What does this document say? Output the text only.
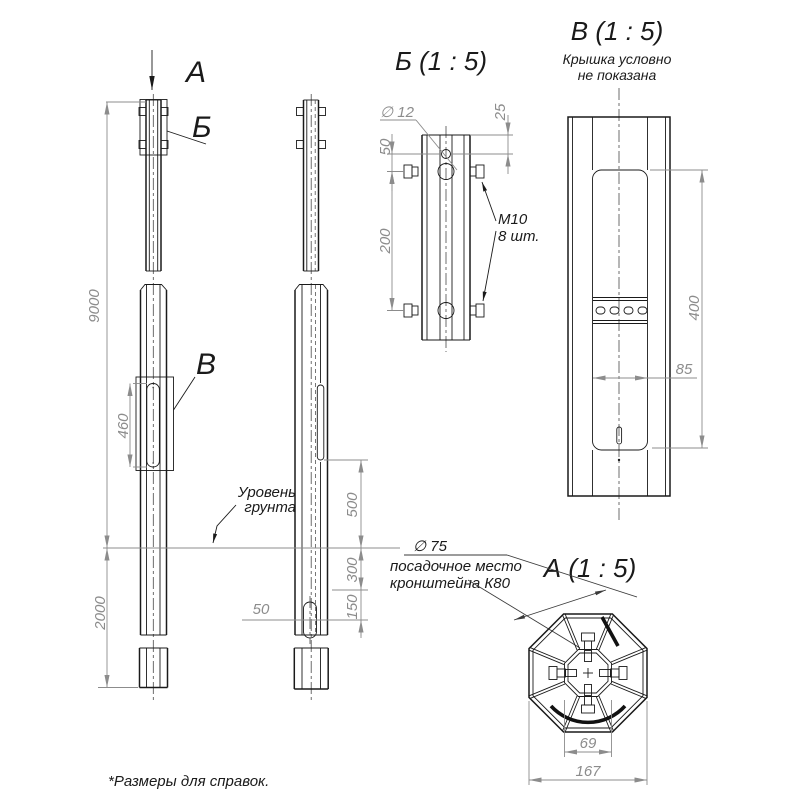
А
Б
В
460
9000
2000
Уровень
грунта	500
300
150
50
Б (1 : 5)
∅ 12	25
50
200
М10
8 шт.
В (1 : 5)
Крышка условно
не показана
400
85
А (1 : 5)
∅ 75
посадочное место
кронштейна К80
69
167
*Размеры для справок.
